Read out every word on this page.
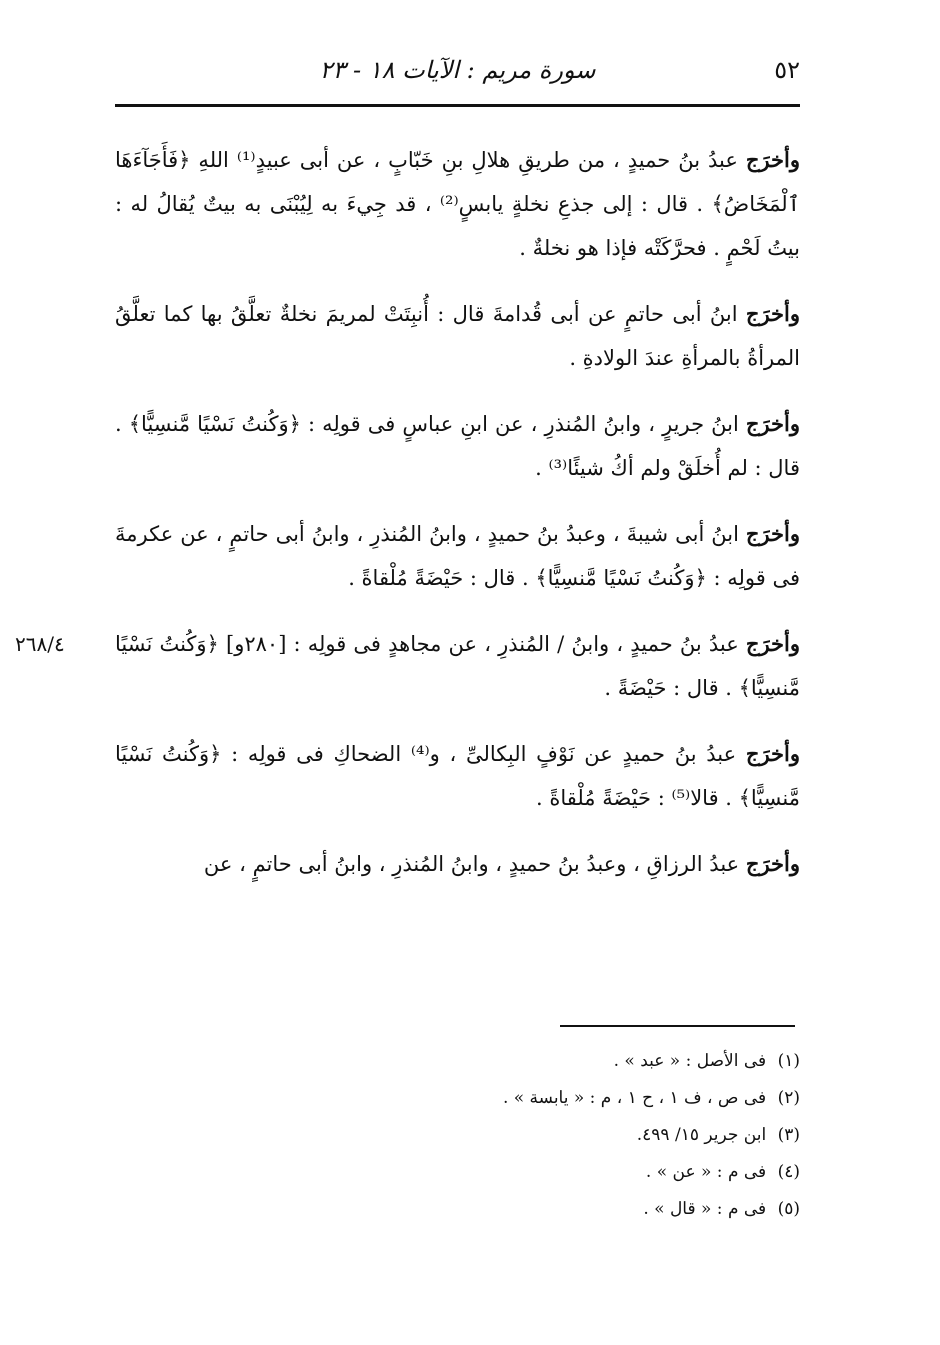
٥٢
سورة مريم : الآيات ١٨ - ٢٣

وأخرَج عبدُ بنُ حميدٍ ، من طريقِ هلالِ بنِ خَبّابٍ ، عن أبى عبيدٍ⁽¹⁾ اللهِ ﴿فَأَجَآءَهَا ٱلْمَخَاضُ﴾ . قال : إلى جذعِ نخلةٍ يابسٍ⁽²⁾ ، قد جِيءَ به لِيُبْنَى به بيتٌ يُقالُ له : بيتُ لَحْمٍ . فحرَّكَتْه فإذا هو نخلةٌ .

وأخرَج ابنُ أبى حاتمٍ عن أبى قُدامةَ قال : أُنبِتَتْ لمريمَ نخلةٌ تعلَّقُ بها كما تعلَّقُ المرأةُ بالمرأةِ عندَ الولادةِ .

وأخرَج ابنُ جريرٍ ، وابنُ المُنذرِ ، عن ابنِ عباسٍ فى قولِه : ﴿وَكُنتُ نَسْيًا مَّنسِيًّا﴾ . قال : لم أُخلَقْ ولم أكُ شيئًا⁽³⁾ .

وأخرَج ابنُ أبى شيبةَ ، وعبدُ بنُ حميدٍ ، وابنُ المُنذرِ ، وابنُ أبى حاتمٍ ، عن عكرمةَ فى قولِه : ﴿وَكُنتُ نَسْيًا مَّنسِيًّا﴾ . قال : حَيْضَةً مُلْقاةً .

٢٦٨/٤	وأخرَج عبدُ بنُ حميدٍ ، وابنُ / المُنذرِ ، عن مجاهدٍ فى قولِه : [٢٨٠و] ﴿وَكُنتُ نَسْيًا مَّنسِيًّا﴾ . قال : حَيْضَةً .

وأخرَج عبدُ بنُ حميدٍ عن نَوْفٍ البِكالىِّ ، و⁽⁴⁾ الضحاكِ فى قولِه : ﴿وَكُنتُ نَسْيًا مَّنسِيًّا﴾ . قالا⁽⁵⁾ : حَيْضَةً مُلْقاةً .

وأخرَج عبدُ الرزاقِ ، وعبدُ بنُ حميدٍ ، وابنُ المُنذرِ ، وابنُ أبى حاتمٍ ، عن

(١) فى الأصل : « عبد » .
(٢) فى ص ، ف ١ ، ح ١ ، م : « يابسة » .
(٣) ابن جرير ١٥/ ٤٩٩.
(٤) فى م : « عن » .
(٥) فى م : « قال » .
